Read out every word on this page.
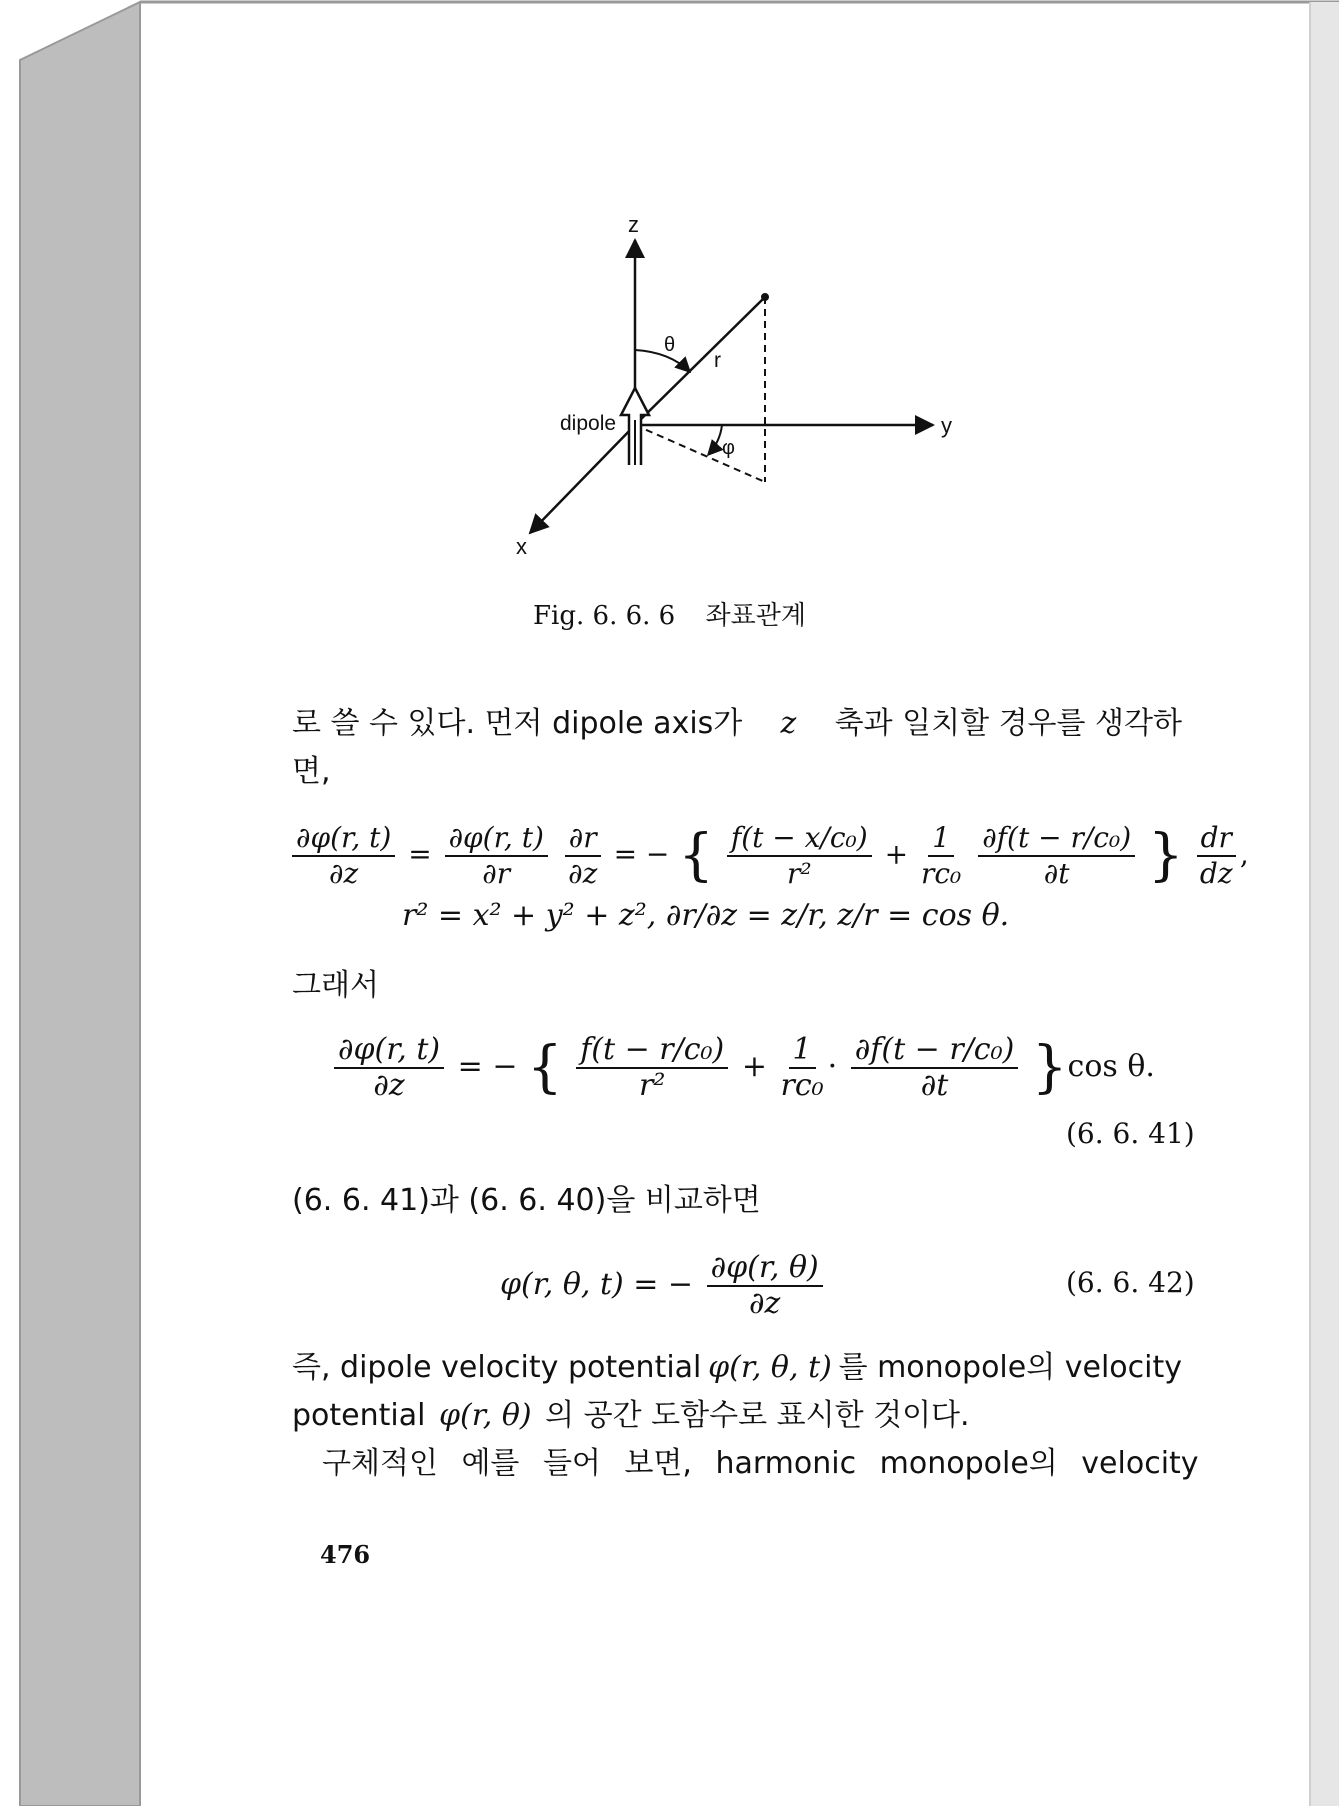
z
y
x
θ
r
φ
dipole
Fig. 6. 6. 6 좌표관계
로 쓸 수 있다. 먼저 dipole axis가 z 축과 일치할 경우를 생각하
면,
$\frac{\partial\varphi(r, t)}{\partial z} = \frac{\partial\varphi(r, t)}{\partial r}$
$\frac{\partial r}{\partial z}$ = − { $\frac{\text{f(t − x/c₀)}}{\text{r²}} + \frac{1}{\text{rc₀}}$
$\frac{\text{∂f(t − r/c₀)}}{\partial t}$ } $\frac{dr}{dz}$ ,
r² = x² + y² + z², ∂r/∂z = z/r, z/r = cos θ.
그래서
$\frac{\partial\varphi(r, t)}{\partial z}$ = − { $\frac{\text{f(t − r/c₀)}}{\text{r²}} + \frac{1}{\text{rc₀}} \cdot \frac{\text{∂f(t − r/c₀)}}{\partial t} \}\cos$ θ.
(6. 6. 41)
(6. 6. 41)과 (6. 6. 40)을 비교하면
φ(r, θ, t) = − $\frac{\partial\varphi(r, \theta)}{\partial z}$	(6. 6. 42)
즉, dipole velocity potential φ(r, θ, t) 를 monopole의 velocity
potential φ(r, θ) 의 공간 도함수로 표시한 것이다.
구체적인 예를 들어 보면, harmonic monopole의 velocity
476
